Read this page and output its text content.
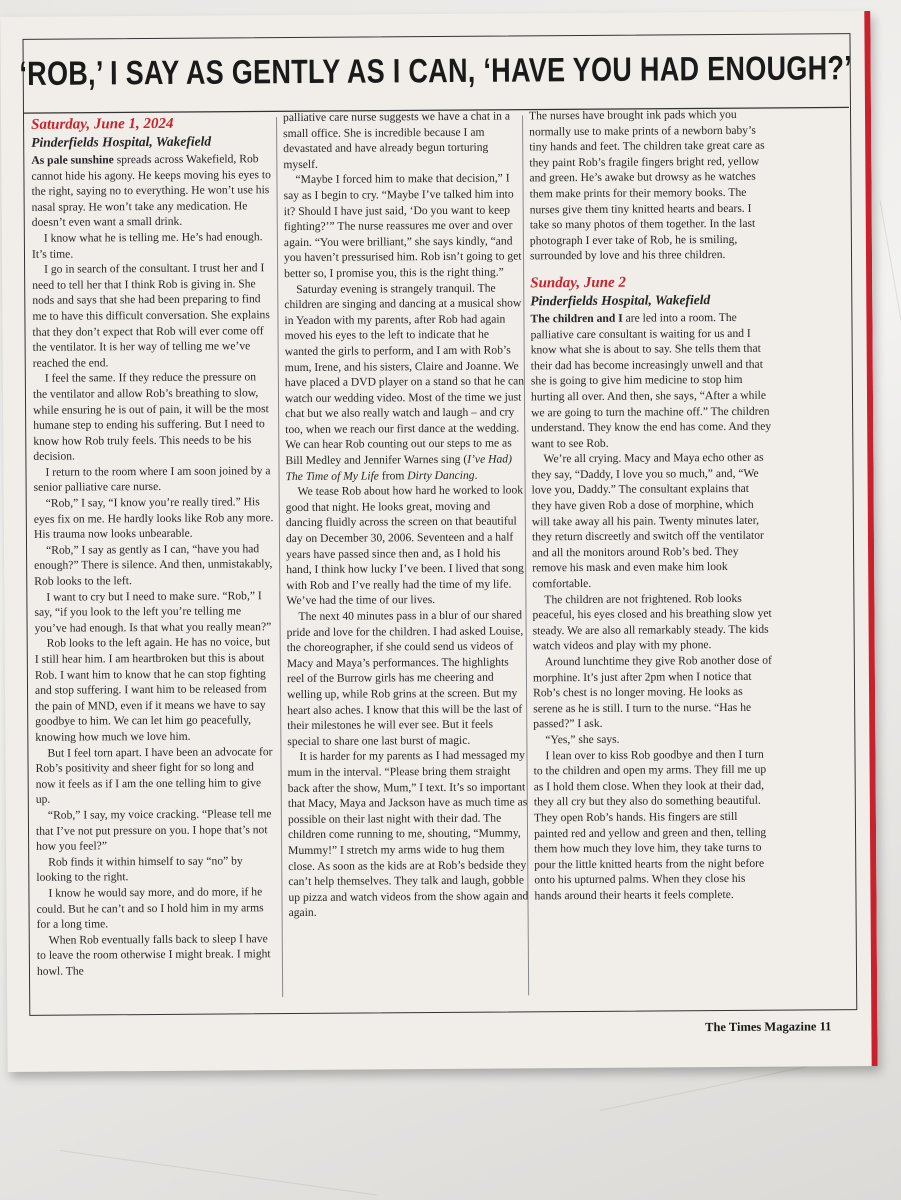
‘ROB,’ I SAY AS GENTLY AS I CAN, ‘HAVE YOU HAD ENOUGH?’
Saturday, June 1, 2024
Pinderfields Hospital, Wakefield

As pale sunshine spreads across Wakefield, Rob cannot hide his agony. He keeps moving his eyes to the right, saying no to everything. He won’t use his nasal spray. He won’t take any medication. He doesn’t even want a small drink.

I know what he is telling me. He’s had enough. It’s time.

I go in search of the consultant. I trust her and I need to tell her that I think Rob is giving in. She nods and says that she had been preparing to find me to have this difficult conversation. She explains that they don’t expect that Rob will ever come off the ventilator. It is her way of telling me we’ve reached the end.

I feel the same. If they reduce the pressure on the ventilator and allow Rob’s breathing to slow, while ensuring he is out of pain, it will be the most humane step to ending his suffering. But I need to know how Rob truly feels. This needs to be his decision.

I return to the room where I am soon joined by a senior palliative care nurse.

“Rob,” I say, “I know you’re really tired.” His eyes fix on me. He hardly looks like Rob any more. His trauma now looks unbearable.

“Rob,” I say as gently as I can, “have you had enough?” There is silence. And then, unmistakably, Rob looks to the left.

I want to cry but I need to make sure. “Rob,” I say, “if you look to the left you’re telling me you’ve had enough. Is that what you really mean?”

Rob looks to the left again. He has no voice, but I still hear him. I am heartbroken but this is about Rob. I want him to know that he can stop fighting and stop suffering. I want him to be released from the pain of MND, even if it means we have to say goodbye to him. We can let him go peacefully, knowing how much we love him.

But I feel torn apart. I have been an advocate for Rob’s positivity and sheer fight for so long and now it feels as if I am the one telling him to give up.

“Rob,” I say, my voice cracking. “Please tell me that I’ve not put pressure on you. I hope that’s not how you feel?”

Rob finds it within himself to say “no” by looking to the right.

I know he would say more, and do more, if he could. But he can’t and so I hold him in my arms for a long time.

When Rob eventually falls back to sleep I have to leave the room otherwise I might break. I might howl. The

palliative care nurse suggests we have a chat in a small office. She is incredible because I am devastated and have already begun torturing myself.

“Maybe I forced him to make that decision,” I say as I begin to cry. “Maybe I’ve talked him into it? Should I have just said, ‘Do you want to keep fighting?’” The nurse reassures me over and over again. “You were brilliant,” she says kindly, “and you haven’t pressurised him. Rob isn’t going to get better so, I promise you, this is the right thing.”

Saturday evening is strangely tranquil. The children are singing and dancing at a musical show in Yeadon with my parents, after Rob had again moved his eyes to the left to indicate that he wanted the girls to perform, and I am with Rob’s mum, Irene, and his sisters, Claire and Joanne. We have placed a DVD player on a stand so that he can watch our wedding video. Most of the time we just chat but we also really watch and laugh – and cry too, when we reach our first dance at the wedding. We can hear Rob counting out our steps to me as Bill Medley and Jennifer Warnes sing (I’ve Had) The Time of My Life from Dirty Dancing.

We tease Rob about how hard he worked to look good that night. He looks great, moving and dancing fluidly across the screen on that beautiful day on December 30, 2006. Seventeen and a half years have passed since then and, as I hold his hand, I think how lucky I’ve been. I lived that song with Rob and I’ve really had the time of my life. We’ve had the time of our lives.

The next 40 minutes pass in a blur of our shared pride and love for the children. I had asked Louise, the choreographer, if she could send us videos of Macy and Maya’s performances. The highlights reel of the Burrow girls has me cheering and welling up, while Rob grins at the screen. But my heart also aches. I know that this will be the last of their milestones he will ever see. But it feels special to share one last burst of magic.

It is harder for my parents as I had messaged my mum in the interval. “Please bring them straight back after the show, Mum,” I text. It’s so important that Macy, Maya and Jackson have as much time as possible on their last night with their dad. The children come running to me, shouting, “Mummy, Mummy!” I stretch my arms wide to hug them close. As soon as the kids are at Rob’s bedside they can’t help themselves. They talk and laugh, gobble up pizza and watch videos from the show again and again.

The nurses have brought ink pads which you normally use to make prints of a newborn baby’s tiny hands and feet. The children take great care as they paint Rob’s fragile fingers bright red, yellow and green. He’s awake but drowsy as he watches them make prints for their memory books. The nurses give them tiny knitted hearts and bears. I take so many photos of them together. In the last photograph I ever take of Rob, he is smiling, surrounded by love and his three children.

Sunday, June 2
Pinderfields Hospital, Wakefield

The children and I are led into a room. The palliative care consultant is waiting for us and I know what she is about to say. She tells them that their dad has become increasingly unwell and that she is going to give him medicine to stop him hurting all over. And then, she says, “After a while we are going to turn the machine off.” The children understand. They know the end has come. And they want to see Rob.

We’re all crying. Macy and Maya echo other as they say, “Daddy, I love you so much,” and, “We love you, Daddy.” The consultant explains that they have given Rob a dose of morphine, which will take away all his pain. Twenty minutes later, they return discreetly and switch off the ventilator and all the monitors around Rob’s bed. They remove his mask and even make him look comfortable.

The children are not frightened. Rob looks peaceful, his eyes closed and his breathing slow yet steady. We are also all remarkably steady. The kids watch videos and play with my phone.

Around lunchtime they give Rob another dose of morphine. It’s just after 2pm when I notice that Rob’s chest is no longer moving. He looks as serene as he is still. I turn to the nurse. “Has he passed?” I ask.

“Yes,” she says.

I lean over to kiss Rob goodbye and then I turn to the children and open my arms. They fill me up as I hold them close. When they look at their dad, they all cry but they also do something beautiful. They open Rob’s hands. His fingers are still painted red and yellow and green and then, telling them how much they love him, they take turns to pour the little knitted hearts from the night before onto his upturned palms. When they close his hands around their hearts it feels complete.

The Times Magazine 11
